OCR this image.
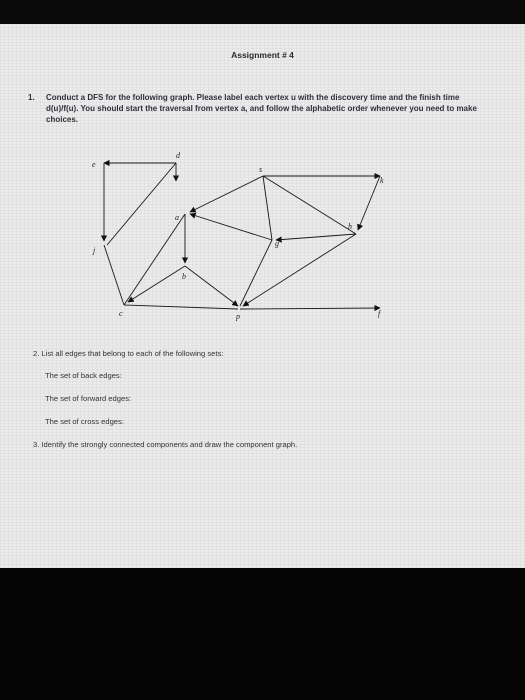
Assignment # 4
1. Conduct a DFS for the following graph. Please label each vertex u with the discovery time and the finish time d(u)/f(u). You should start the traversal from vertex a, and follow the alphabetic order whenever you need to make choices.
d
e
a
k
s
h
g
j
b
c	p	f
2. List all edges that belong to each of the following sets:
The set of back edges:
The set of forward edges:
The set of cross edges:
3. Identify the strongly connected components and draw the component graph.
